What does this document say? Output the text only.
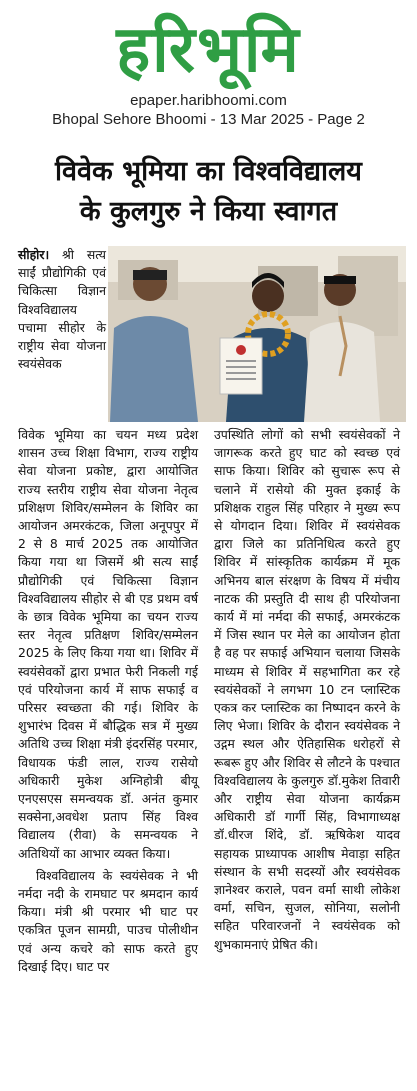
हरिभूमि
epaper.haribhoomi.com
Bhopal Sehore Bhoomi - 13 Mar 2025 - Page 2
विवेक भूमिया का विश्वविद्यालय
के कुलगुरु ने किया स्वागत
सीहोर। श्री सत्य साईं प्रौद्योगिकी एवं चिकित्सा विज्ञान विश्वविद्यालय पचामा सीहोर के राष्ट्रीय सेवा योजना स्वयंसेवक
विवेक भूमिया का चयन मध्य प्रदेश शासन उच्च शिक्षा विभाग, राज्य राष्ट्रीय सेवा योजना प्रकोष्ट, द्वारा आयोजित राज्य स्तरीय राष्ट्रीय सेवा योजना नेतृत्व प्रशिक्षण शिविर/सम्मेलन के शिविर का आयोजन अमरकंटक, जिला अनूपपुर में 2 से 8 मार्च 2025 तक आयोजित किया गया था जिसमें श्री सत्य साईं प्रौद्योगिकी एवं चिकित्सा विज्ञान विश्वविद्यालय सीहोर से बी एड प्रथम वर्ष के छात्र विवेक भूमिया का चयन राज्य स्तर नेतृत्व प्रतिक्षण शिविर/सम्मेलन 2025 के लिए किया गया था। शिविर में स्वयंसेवकों द्वारा प्रभात फेरी निकली गई एवं परियोजना कार्य में साफ सफाई व परिसर स्वच्छता की गई। शिविर के शुभारंभ दिवस में बौद्धिक सत्र में मुख्य अतिथि उच्च शिक्षा मंत्री इंदरसिंह परमार, विधायक फंडी लाल, राज्य रासेयो अधिकारी मुकेश अग्निहोत्री बीयू एनएसएस समन्वयक डॉ. अनंत कुमार सक्सेना,अवधेश प्रताप सिंह विश्व विद्यालय (रीवा) के समन्वयक ने अतिथियों का आभार व्यक्त किया।
विश्वविद्यालय के स्वयंसेवक ने भी नर्मदा नदी के रामघाट पर श्रमदान कार्य किया। मंत्री श्री परमार भी घाट पर एकत्रित पूजन सामग्री, पाउच पोलीथीन एवं अन्य कचरे को साफ करते हुए दिखाई दिए। घाट पर
उपस्थिति लोगों को सभी स्वयंसेवकों ने जागरूक करते हुए घाट को स्वच्छ एवं साफ किया। शिविर को सुचारू रूप से चलाने में रासेयो की मुक्त इकाई के प्रशिक्षक राहुल सिंह परिहार ने मुख्य रूप से योगदान दिया। शिविर में स्वयंसेवक द्वारा जिले का प्रतिनिधित्व करते हुए शिविर में सांस्कृतिक कार्यक्रम में मूक अभिनय बाल संरक्षण के विषय में मंचीय नाटक की प्रस्तुति दी साथ ही परियोजना कार्य में मां नर्मदा की सफाई, अमरकंटक में जिस स्थान पर मेले का आयोजन होता है वह पर सफाई अभियान चलाया जिसके माध्यम से शिविर में सहभागिता कर रहे स्वयंसेवकों ने लगभग 10 टन प्लास्टिक एकत्र कर प्लास्टिक का निष्पादन करने के लिए भेजा। शिविर के दौरान स्वयंसेवक ने उद्गम स्थल और ऐतिहासिक धरोहरों से रूबरू हुए और शिविर से लौटने के पश्चात विश्वविद्यालय के कुलगुरु डॉ.मुकेश तिवारी और राष्ट्रीय सेवा योजना कार्यक्रम अधिकारी डॉ गार्गी सिंह, विभागाध्यक्ष डॉ.धीरज शिंदे, डॉ. ऋषिकेश यादव सहायक प्राध्यापक आशीष मेवाड़ा सहित संस्थान के सभी सदस्यों और स्वयंसेवक ज्ञानेश्वर कराले, पवन वर्मा साथी लोकेश वर्मा, सचिन, सुजल, सोनिया, सलोनी सहित परिवारजनों ने स्वयंसेवक को शुभकामनाएं प्रेषित की।
